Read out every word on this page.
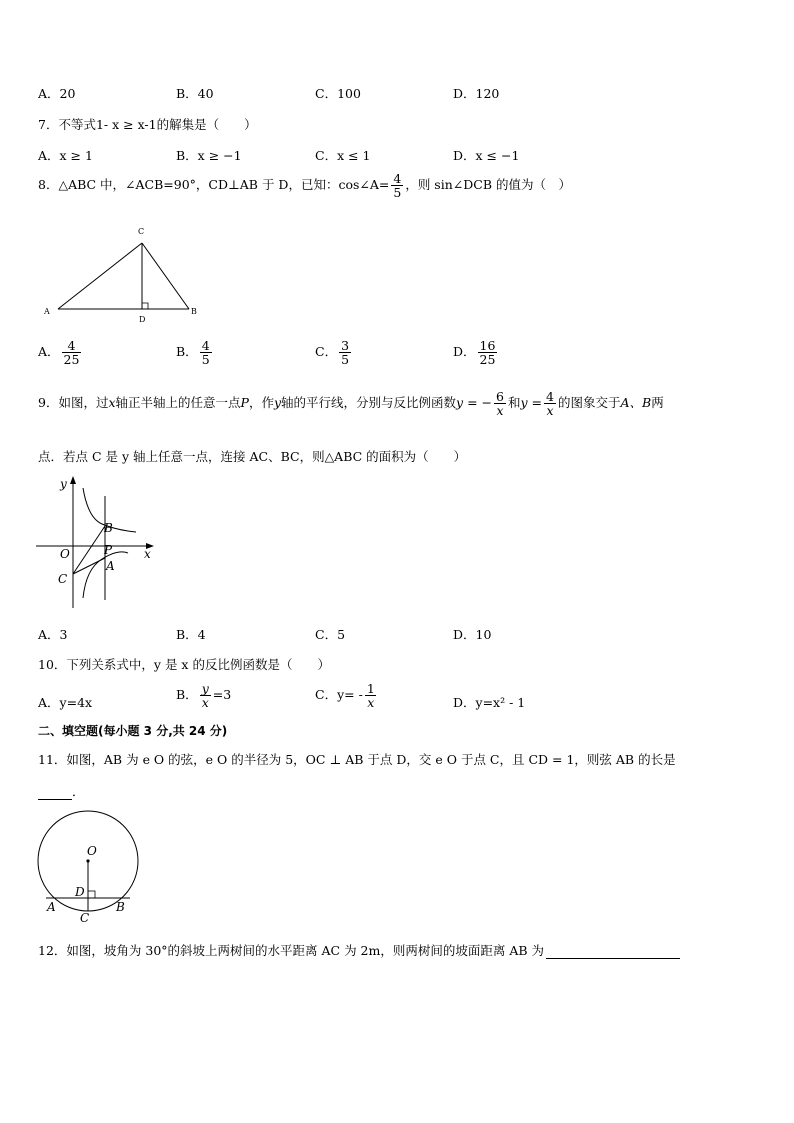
A．20	B．40	C．100	D．120
7．不等式1- x ≥ x-1的解集是（　　）
A．x ≥ 1	B．x ≥ −1	C．x ≤ 1	D．x ≤ −1
8．△ABC 中，∠ACB=90°，CD⊥AB 于 D，已知：cos∠A= $\frac{4}{5}$ ，则 sin∠DCB 的值为（　）
A	B
C
D
A． $\frac{4}{25}$	B． $\frac{4}{5}$	C． $\frac{3}{5}$	D． $\frac{16}{25}$
9．如图，过x轴正半轴上的任意一点P，作y轴的平行线，分别与反比例函数y = − $\frac{6}{x}$ 和$y = \frac{4}{x}$ 的图象交于A、B两
点．若点 C 是 y 轴上任意一点，连接 AC、BC，则△ABC 的面积为（　　）
y
x
O
B
P
A
C
A．3	B．4	C．5	D．10
10．下列关系式中，y 是 x 的反比例函数是（　　）
A．y=4x
B． $\frac{y}{x} =3$	C．$y= - \frac{1}{x}$	D．y=x² - 1
二、填空题(每小题 3 分,共 24 分)
11．如图，AB 为 e O 的弦，e O 的半径为 5，OC ⊥ AB 于点 D，交 e O 于点 C，且 CD = 1，则弦 AB 的长是
．
O
D
A	B
C
12．如图，坡角为 30°的斜坡上两树间的水平距离 AC 为 2m，则两树间的坡面距离 AB 为
